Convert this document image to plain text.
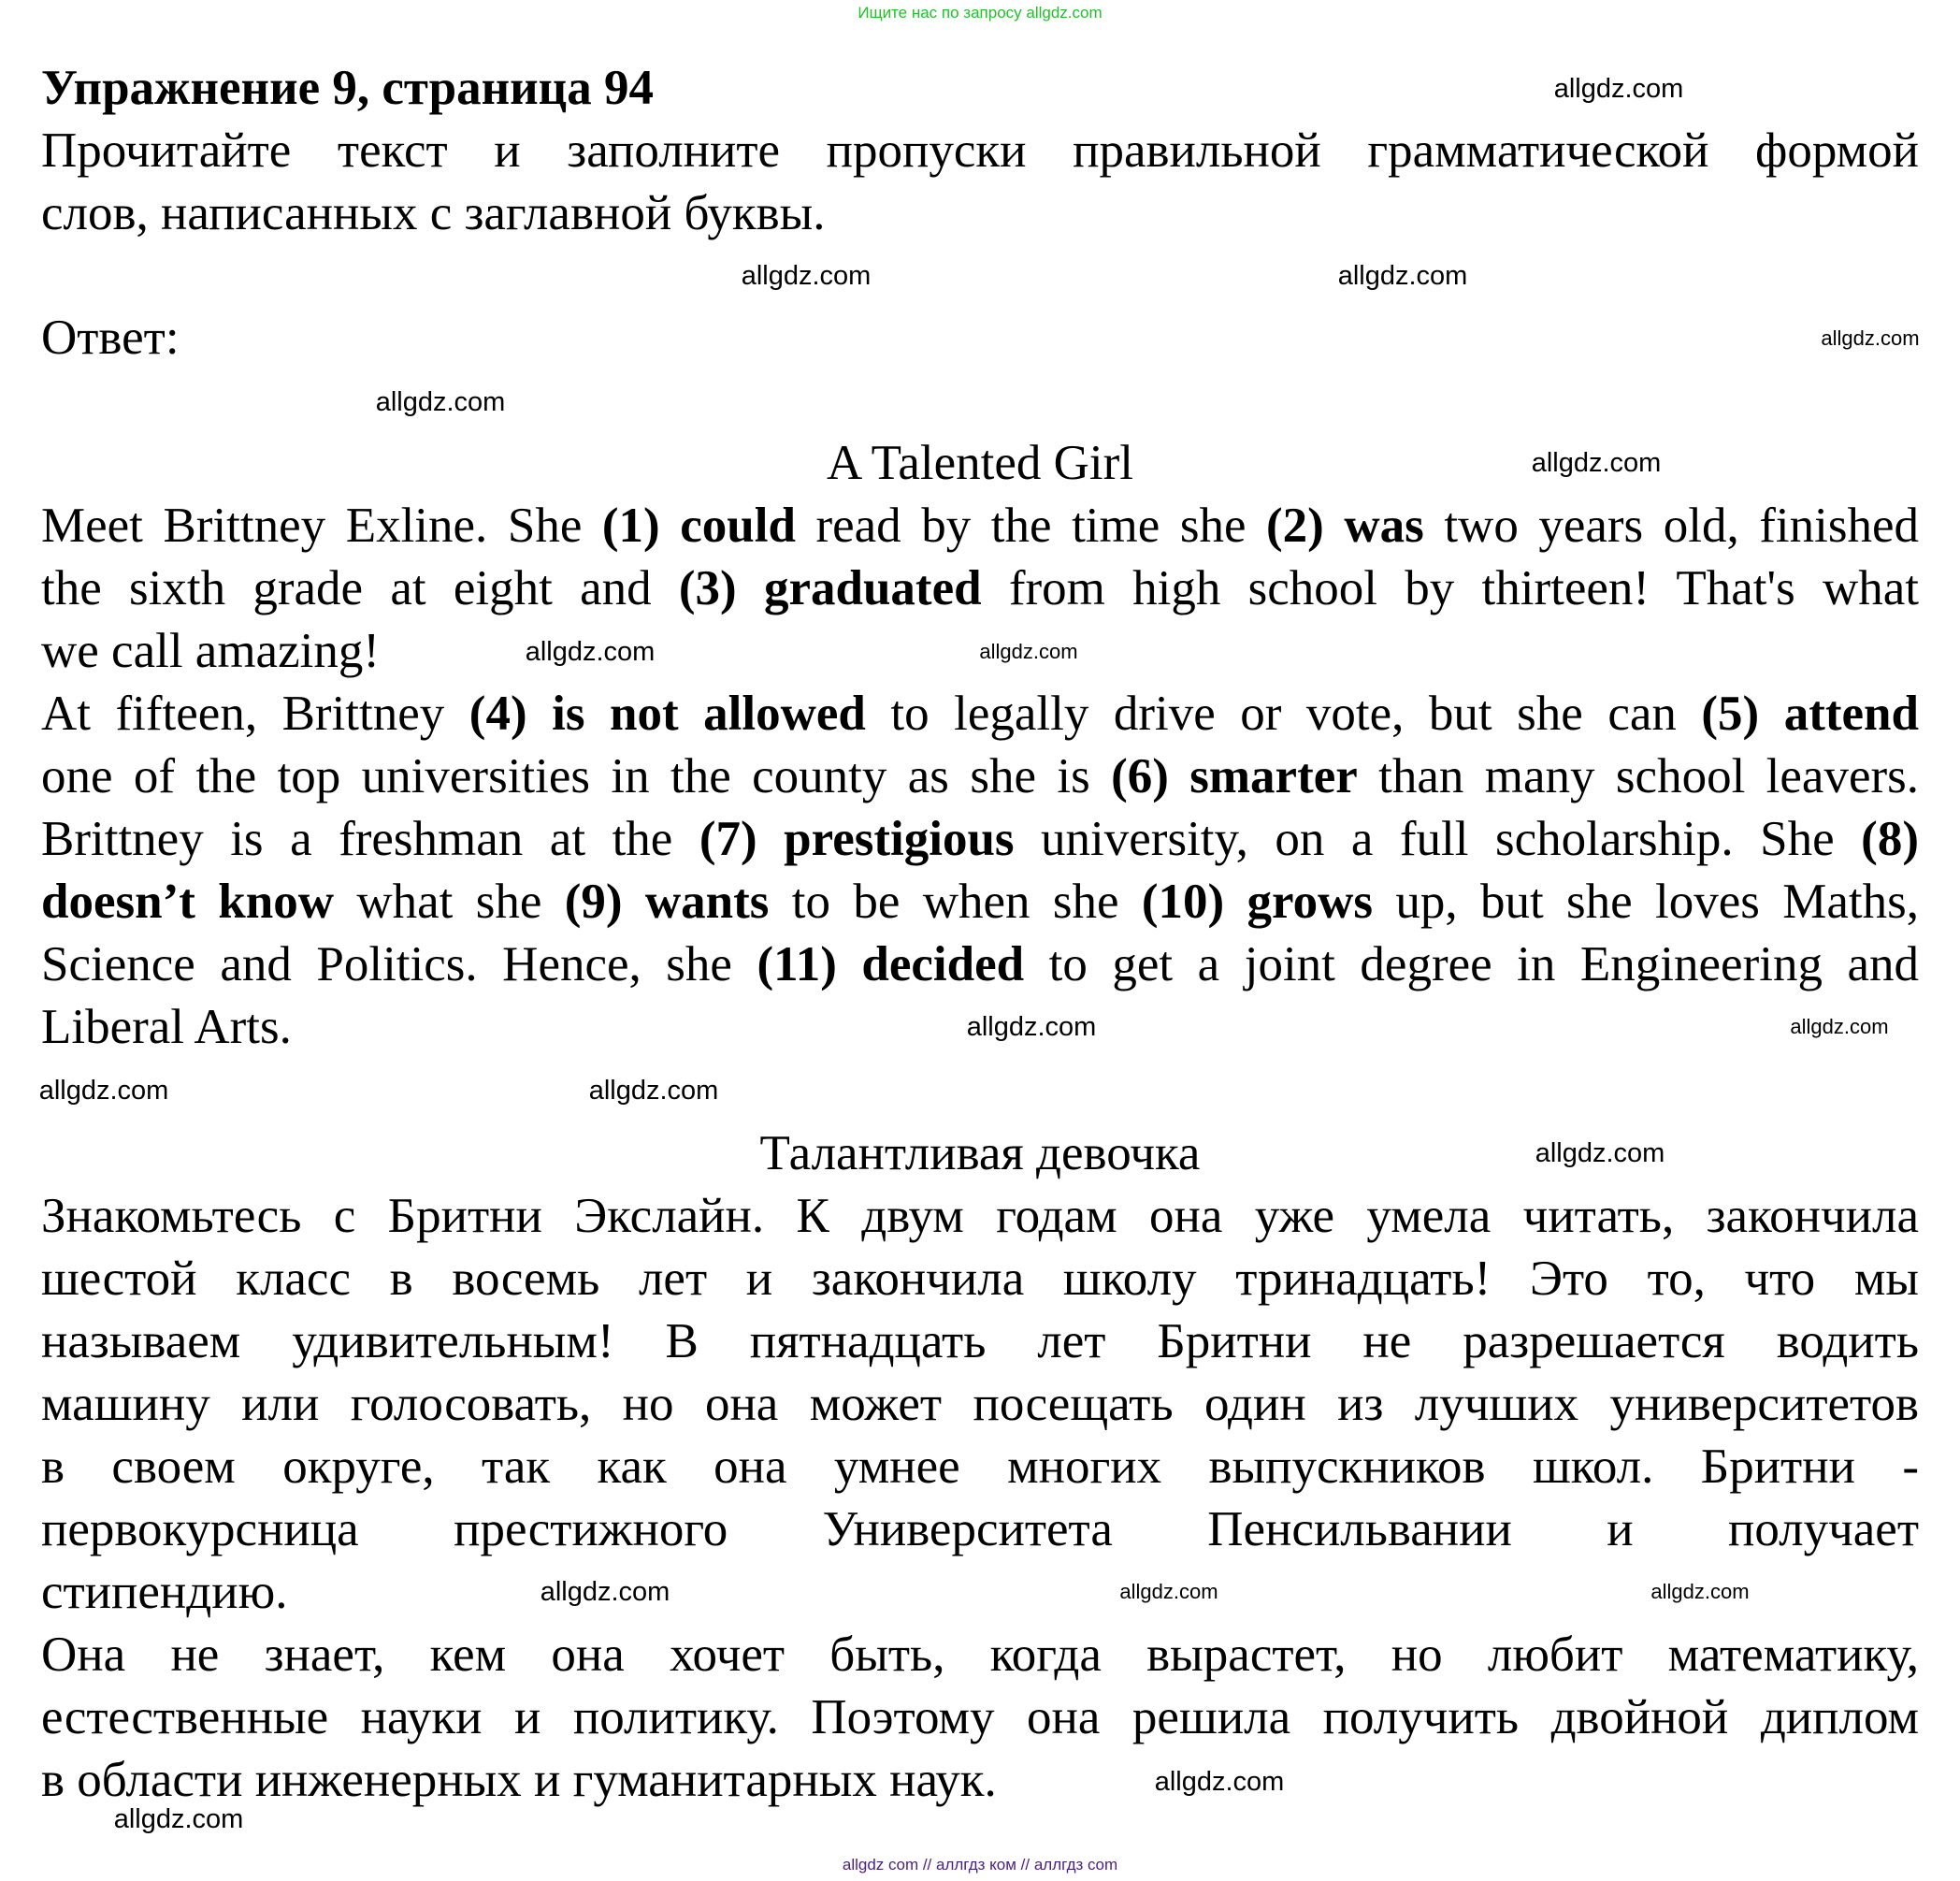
Ищите нас по запросу allgdz.com
Упражнение 9, страница 94
Прочитайте текст и заполните пропуски правильной грамматической формой
слов, написанных с заглавной буквы.
Ответ:
A Talented Girl
Meet Brittney Exline. She (1) could read by the time she (2) was two years old, finished
the sixth grade at eight and (3) graduated from high school by thirteen! That's what
we call amazing!
At fifteen, Brittney (4) is not allowed to legally drive or vote, but she can (5) attend
one of the top universities in the county as she is (6) smarter than many school leavers.
Brittney is a freshman at the (7) prestigious university, on a full scholarship. She (8)
doesn’t know what she (9) wants to be when she (10) grows up, but she loves Maths,
Science and Politics. Hence, she (11) decided to get a joint degree in Engineering and
Liberal Arts.
Талантливая девочка
Знакомьтесь с Бритни Экслайн. К двум годам она уже умела читать, закончила
шестой класс в восемь лет и закончила школу тринадцать! Это то, что мы
называем удивительным! В пятнадцать лет Бритни не разрешается водить
машину или голосовать, но она может посещать один из лучших университетов
в своем округе, так как она умнее многих выпускников школ. Бритни -
первокурсница престижного Университета Пенсильвании и получает
стипендию.
Она не знает, кем она хочет быть, когда вырастет, но любит математику,
естественные науки и политику. Поэтому она решила получить двойной диплом
в области инженерных и гуманитарных наук.
allgdz.com
allgdz.com
allgdz.com
allgdz.com
allgdz.com
allgdz.com
allgdz.com	allgdz.com
allgdz.com
allgdz.com
allgdz.com
allgdz.com
allgdz.com
allgdz.com
allgdz.com	allgdz.com
allgdz.com
allgdz.com
allgdz com // аллгдз ком // аллгдз com
